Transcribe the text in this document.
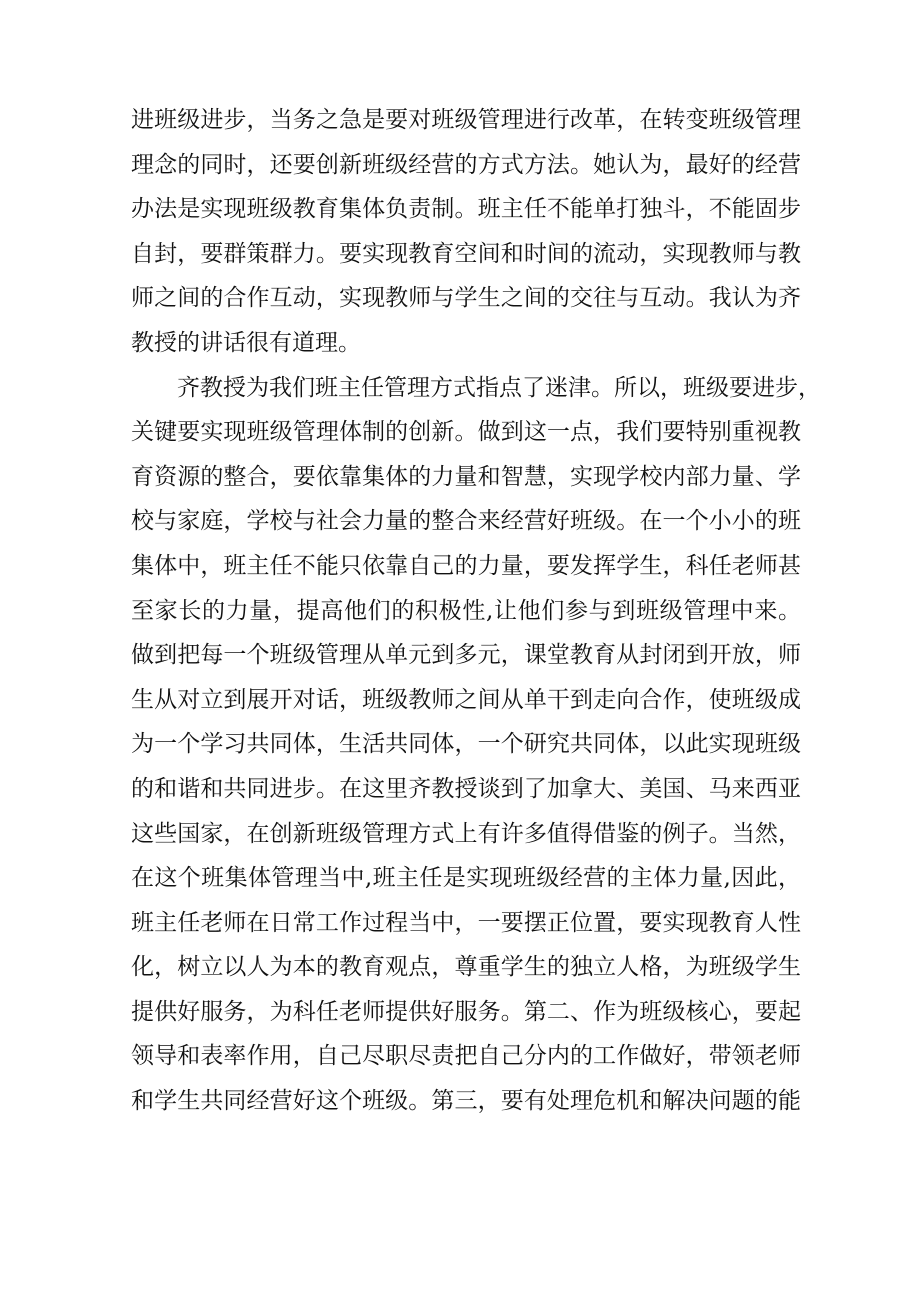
进班级进步，当务之急是要对班级管理进行改革，在转变班级管理
理念的同时，还要创新班级经营的方式方法。她认为，最好的经营
办法是实现班级教育集体负责制。班主任不能单打独斗，不能固步
自封，要群策群力。要实现教育空间和时间的流动，实现教师与教
师之间的合作互动，实现教师与学生之间的交往与互动。我认为齐
教授的讲话很有道理。
齐教授为我们班主任管理方式指点了迷津。所以，班级要进步，
关键要实现班级管理体制的创新。做到这一点，我们要特别重视教
育资源的整合，要依靠集体的力量和智慧，实现学校内部力量、学
校与家庭，学校与社会力量的整合来经营好班级。在一个小小的班
集体中，班主任不能只依靠自己的力量，要发挥学生，科任老师甚
至家长的力量，提高他们的积极性,让他们参与到班级管理中来。
做到把每一个班级管理从单元到多元，课堂教育从封闭到开放，师
生从对立到展开对话，班级教师之间从单干到走向合作，使班级成
为一个学习共同体，生活共同体，一个研究共同体，以此实现班级
的和谐和共同进步。在这里齐教授谈到了加拿大、美国、马来西亚
这些国家，在创新班级管理方式上有许多值得借鉴的例子。当然，
在这个班集体管理当中,班主任是实现班级经营的主体力量,因此，
班主任老师在日常工作过程当中，一要摆正位置，要实现教育人性
化，树立以人为本的教育观点，尊重学生的独立人格，为班级学生
提供好服务，为科任老师提供好服务。第二、作为班级核心，要起
领导和表率作用，自己尽职尽责把自己分内的工作做好，带领老师
和学生共同经营好这个班级。第三，要有处理危机和解决问题的能
